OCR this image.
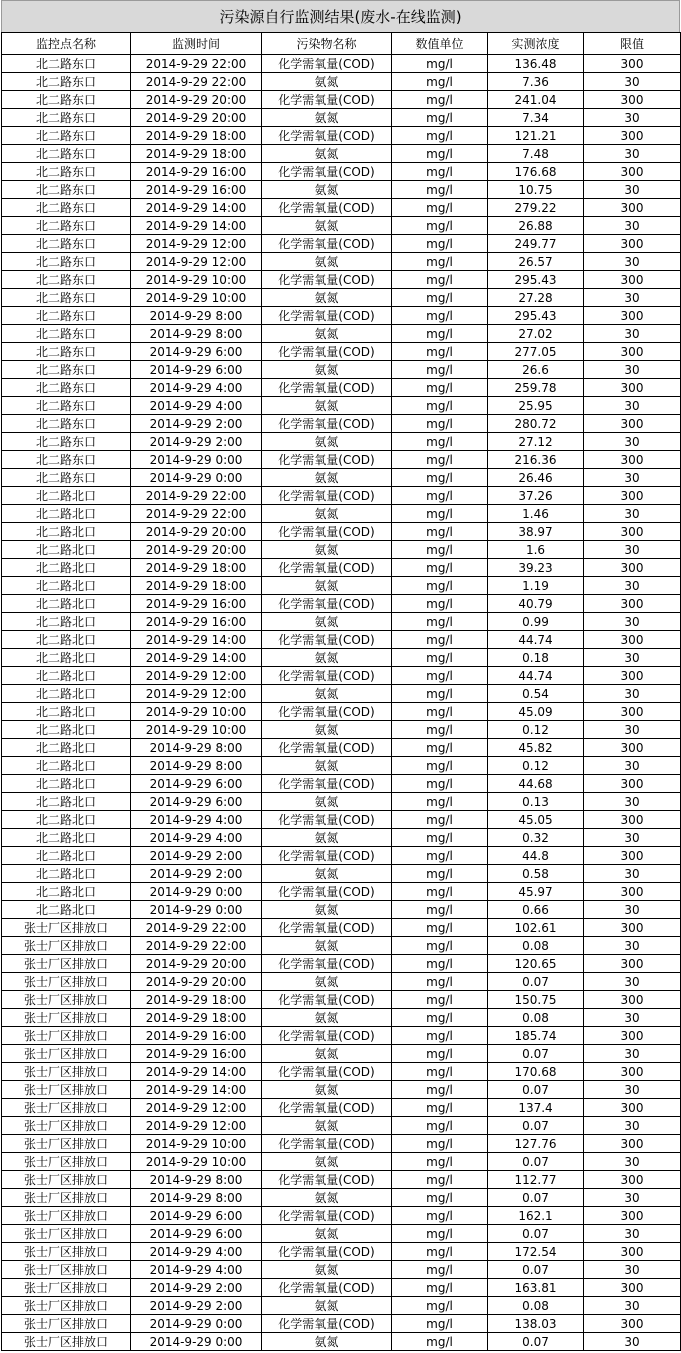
污染源自行监测结果(废水-在线监测)
监控点名称	监测时间	污染物名称	数值单位	实测浓度	限值
北二路东口	2014-9-29 22:00	化学需氧量(COD)	mg/l	136.48	300
北二路东口	2014-9-29 22:00	氨氮	mg/l	7.36	30
北二路东口	2014-9-29 20:00	化学需氧量(COD)	mg/l	241.04	300
北二路东口	2014-9-29 20:00	氨氮	mg/l	7.34	30
北二路东口	2014-9-29 18:00	化学需氧量(COD)	mg/l	121.21	300
北二路东口	2014-9-29 18:00	氨氮	mg/l	7.48	30
北二路东口	2014-9-29 16:00	化学需氧量(COD)	mg/l	176.68	300
北二路东口	2014-9-29 16:00	氨氮	mg/l	10.75	30
北二路东口	2014-9-29 14:00	化学需氧量(COD)	mg/l	279.22	300
北二路东口	2014-9-29 14:00	氨氮	mg/l	26.88	30
北二路东口	2014-9-29 12:00	化学需氧量(COD)	mg/l	249.77	300
北二路东口	2014-9-29 12:00	氨氮	mg/l	26.57	30
北二路东口	2014-9-29 10:00	化学需氧量(COD)	mg/l	295.43	300
北二路东口	2014-9-29 10:00	氨氮	mg/l	27.28	30
北二路东口	2014-9-29 8:00	化学需氧量(COD)	mg/l	295.43	300
北二路东口	2014-9-29 8:00	氨氮	mg/l	27.02	30
北二路东口	2014-9-29 6:00	化学需氧量(COD)	mg/l	277.05	300
北二路东口	2014-9-29 6:00	氨氮	mg/l	26.6	30
北二路东口	2014-9-29 4:00	化学需氧量(COD)	mg/l	259.78	300
北二路东口	2014-9-29 4:00	氨氮	mg/l	25.95	30
北二路东口	2014-9-29 2:00	化学需氧量(COD)	mg/l	280.72	300
北二路东口	2014-9-29 2:00	氨氮	mg/l	27.12	30
北二路东口	2014-9-29 0:00	化学需氧量(COD)	mg/l	216.36	300
北二路东口	2014-9-29 0:00	氨氮	mg/l	26.46	30
北二路北口	2014-9-29 22:00	化学需氧量(COD)	mg/l	37.26	300
北二路北口	2014-9-29 22:00	氨氮	mg/l	1.46	30
北二路北口	2014-9-29 20:00	化学需氧量(COD)	mg/l	38.97	300
北二路北口	2014-9-29 20:00	氨氮	mg/l	1.6	30
北二路北口	2014-9-29 18:00	化学需氧量(COD)	mg/l	39.23	300
北二路北口	2014-9-29 18:00	氨氮	mg/l	1.19	30
北二路北口	2014-9-29 16:00	化学需氧量(COD)	mg/l	40.79	300
北二路北口	2014-9-29 16:00	氨氮	mg/l	0.99	30
北二路北口	2014-9-29 14:00	化学需氧量(COD)	mg/l	44.74	300
北二路北口	2014-9-29 14:00	氨氮	mg/l	0.18	30
北二路北口	2014-9-29 12:00	化学需氧量(COD)	mg/l	44.74	300
北二路北口	2014-9-29 12:00	氨氮	mg/l	0.54	30
北二路北口	2014-9-29 10:00	化学需氧量(COD)	mg/l	45.09	300
北二路北口	2014-9-29 10:00	氨氮	mg/l	0.12	30
北二路北口	2014-9-29 8:00	化学需氧量(COD)	mg/l	45.82	300
北二路北口	2014-9-29 8:00	氨氮	mg/l	0.12	30
北二路北口	2014-9-29 6:00	化学需氧量(COD)	mg/l	44.68	300
北二路北口	2014-9-29 6:00	氨氮	mg/l	0.13	30
北二路北口	2014-9-29 4:00	化学需氧量(COD)	mg/l	45.05	300
北二路北口	2014-9-29 4:00	氨氮	mg/l	0.32	30
北二路北口	2014-9-29 2:00	化学需氧量(COD)	mg/l	44.8	300
北二路北口	2014-9-29 2:00	氨氮	mg/l	0.58	30
北二路北口	2014-9-29 0:00	化学需氧量(COD)	mg/l	45.97	300
北二路北口	2014-9-29 0:00	氨氮	mg/l	0.66	30
张士厂区排放口	2014-9-29 22:00	化学需氧量(COD)	mg/l	102.61	300
张士厂区排放口	2014-9-29 22:00	氨氮	mg/l	0.08	30
张士厂区排放口	2014-9-29 20:00	化学需氧量(COD)	mg/l	120.65	300
张士厂区排放口	2014-9-29 20:00	氨氮	mg/l	0.07	30
张士厂区排放口	2014-9-29 18:00	化学需氧量(COD)	mg/l	150.75	300
张士厂区排放口	2014-9-29 18:00	氨氮	mg/l	0.08	30
张士厂区排放口	2014-9-29 16:00	化学需氧量(COD)	mg/l	185.74	300
张士厂区排放口	2014-9-29 16:00	氨氮	mg/l	0.07	30
张士厂区排放口	2014-9-29 14:00	化学需氧量(COD)	mg/l	170.68	300
张士厂区排放口	2014-9-29 14:00	氨氮	mg/l	0.07	30
张士厂区排放口	2014-9-29 12:00	化学需氧量(COD)	mg/l	137.4	300
张士厂区排放口	2014-9-29 12:00	氨氮	mg/l	0.07	30
张士厂区排放口	2014-9-29 10:00	化学需氧量(COD)	mg/l	127.76	300
张士厂区排放口	2014-9-29 10:00	氨氮	mg/l	0.07	30
张士厂区排放口	2014-9-29 8:00	化学需氧量(COD)	mg/l	112.77	300
张士厂区排放口	2014-9-29 8:00	氨氮	mg/l	0.07	30
张士厂区排放口	2014-9-29 6:00	化学需氧量(COD)	mg/l	162.1	300
张士厂区排放口	2014-9-29 6:00	氨氮	mg/l	0.07	30
张士厂区排放口	2014-9-29 4:00	化学需氧量(COD)	mg/l	172.54	300
张士厂区排放口	2014-9-29 4:00	氨氮	mg/l	0.07	30
张士厂区排放口	2014-9-29 2:00	化学需氧量(COD)	mg/l	163.81	300
张士厂区排放口	2014-9-29 2:00	氨氮	mg/l	0.08	30
张士厂区排放口	2014-9-29 0:00	化学需氧量(COD)	mg/l	138.03	300
张士厂区排放口	2014-9-29 0:00	氨氮	mg/l	0.07	30
